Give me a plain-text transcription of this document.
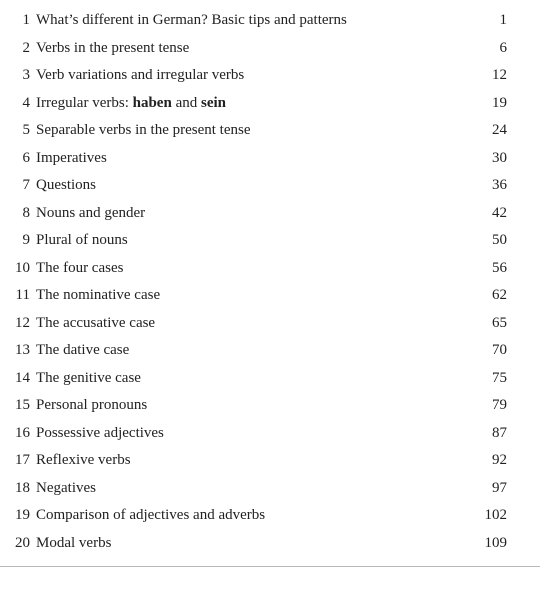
1 What’s different in German? Basic tips and patterns	1
2 Verbs in the present tense	6
3 Verb variations and irregular verbs	12
4 Irregular verbs: haben and sein	19
5 Separable verbs in the present tense	24
6 Imperatives	30
7 Questions	36
8 Nouns and gender	42
9 Plural of nouns	50
10 The four cases	56
11 The nominative case	62
12 The accusative case	65
13 The dative case	70
14 The genitive case	75
15 Personal pronouns	79
16 Possessive adjectives	87
17 Reflexive verbs	92
18 Negatives	97
19 Comparison of adjectives and adverbs	102
20 Modal verbs	109
